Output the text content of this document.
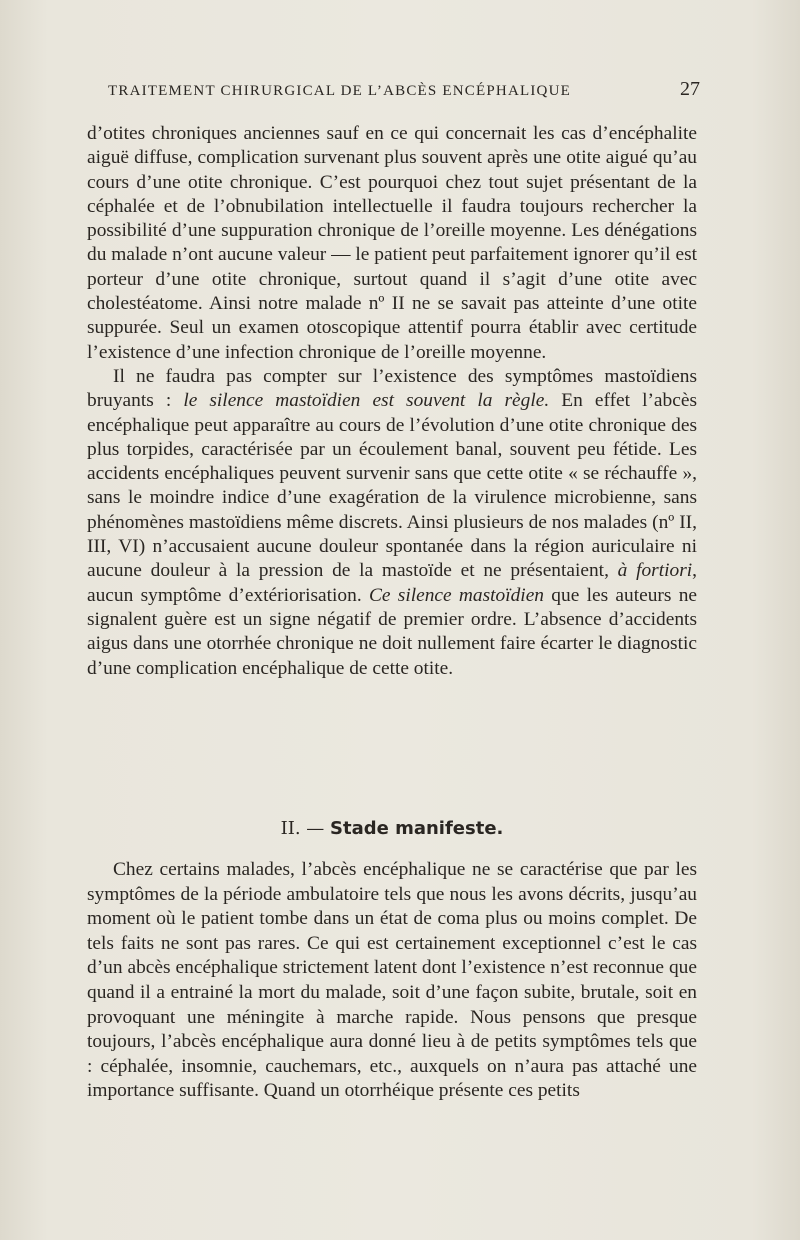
TRAITEMENT CHIRURGICAL DE L’ABCÈS ENCÉPHALIQUE	27

d’otites chroniques anciennes sauf en ce qui concernait les cas d’encéphalite aiguë diffuse, complication survenant plus souvent après une otite aigué qu’au cours d’une otite chronique. C’est pourquoi chez tout sujet présentant de la céphalée et de l’obnubilation intellectuelle il faudra toujours rechercher la possibilité d’une suppuration chronique de l’oreille moyenne. Les dénégations du malade n’ont aucune valeur — le patient peut parfaitement ignorer qu’il est porteur d’une otite chronique, surtout quand il s’agit d’une otite avec cholestéatome. Ainsi notre malade nº II ne se savait pas atteinte d’une otite suppurée. Seul un examen otoscopique attentif pourra établir avec certitude l’existence d’une infection chronique de l’oreille moyenne.

Il ne faudra pas compter sur l’existence des symptômes mastoïdiens bruyants : le silence mastoïdien est souvent la règle. En effet l’abcès encéphalique peut apparaître au cours de l’évolution d’une otite chronique des plus torpides, caractérisée par un écoulement banal, souvent peu fétide. Les accidents encéphaliques peuvent survenir sans que cette otite « se réchauffe », sans le moindre indice d’une exagération de la virulence microbienne, sans phénomènes mastoïdiens même discrets. Ainsi plusieurs de nos malades (nº II, III, VI) n’accusaient aucune douleur spontanée dans la région auriculaire ni aucune douleur à la pression de la mastoïde et ne présentaient, à fortiori, aucun symptôme d’extériorisation. Ce silence mastoïdien que les auteurs ne signalent guère est un signe négatif de premier ordre. L’absence d’accidents aigus dans une otorrhée chronique ne doit nullement faire écarter le diagnostic d’une complication encéphalique de cette otite.

II. — Stade manifeste.

Chez certains malades, l’abcès encéphalique ne se caractérise que par les symptômes de la période ambulatoire tels que nous les avons décrits, jusqu’au moment où le patient tombe dans un état de coma plus ou moins complet. De tels faits ne sont pas rares. Ce qui est certainement exceptionnel c’est le cas d’un abcès encéphalique strictement latent dont l’existence n’est reconnue que quand il a entrainé la mort du malade, soit d’une façon subite, brutale, soit en provoquant une méningite à marche rapide. Nous pensons que presque toujours, l’abcès encéphalique aura donné lieu à de petits symptômes tels que : céphalée, insomnie, cauchemars, etc., auxquels on n’aura pas attaché une importance suffisante. Quand un otorrhéique présente ces petits
